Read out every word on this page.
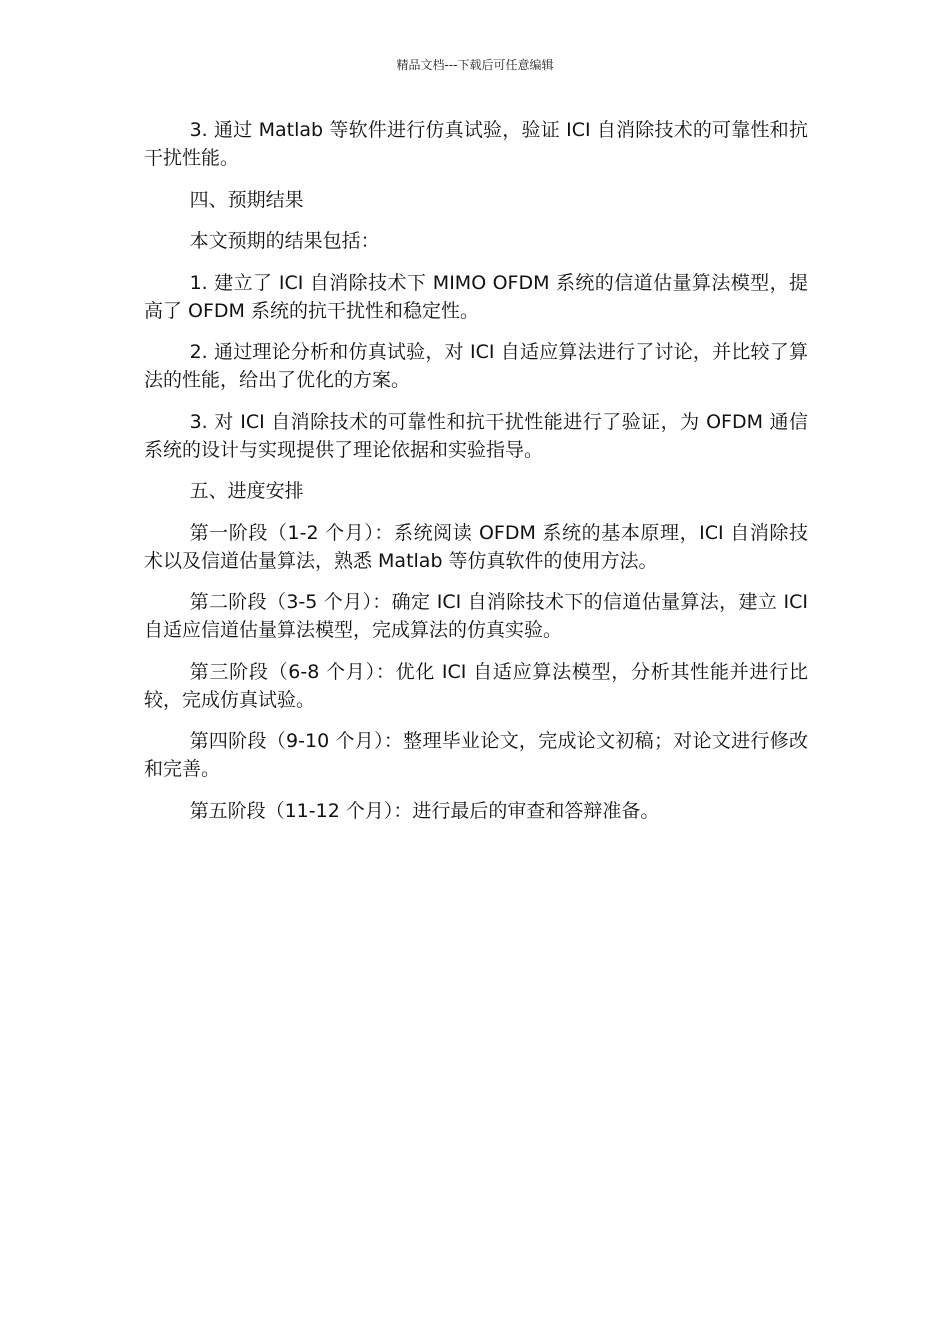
精品文档---下载后可任意编辑

3. 通过 Matlab 等软件进行仿真试验，验证 ICI 自消除技术的可靠性和抗干扰性能。

四、预期结果

本文预期的结果包括：

1. 建立了 ICI 自消除技术下 MIMO OFDM 系统的信道估量算法模型，提高了 OFDM 系统的抗干扰性和稳定性。

2. 通过理论分析和仿真试验，对 ICI 自适应算法进行了讨论，并比较了算法的性能，给出了优化的方案。

3. 对 ICI 自消除技术的可靠性和抗干扰性能进行了验证，为 OFDM 通信系统的设计与实现提供了理论依据和实验指导。

五、进度安排

第一阶段（1-2 个月）：系统阅读 OFDM 系统的基本原理，ICI 自消除技术以及信道估量算法，熟悉 Matlab 等仿真软件的使用方法。

第二阶段（3-5 个月）：确定 ICI 自消除技术下的信道估量算法，建立 ICI 自适应信道估量算法模型，完成算法的仿真实验。

第三阶段（6-8 个月）：优化 ICI 自适应算法模型，分析其性能并进行比较，完成仿真试验。

第四阶段（9-10 个月）：整理毕业论文，完成论文初稿；对论文进行修改和完善。

第五阶段（11-12 个月）：进行最后的审查和答辩准备。
